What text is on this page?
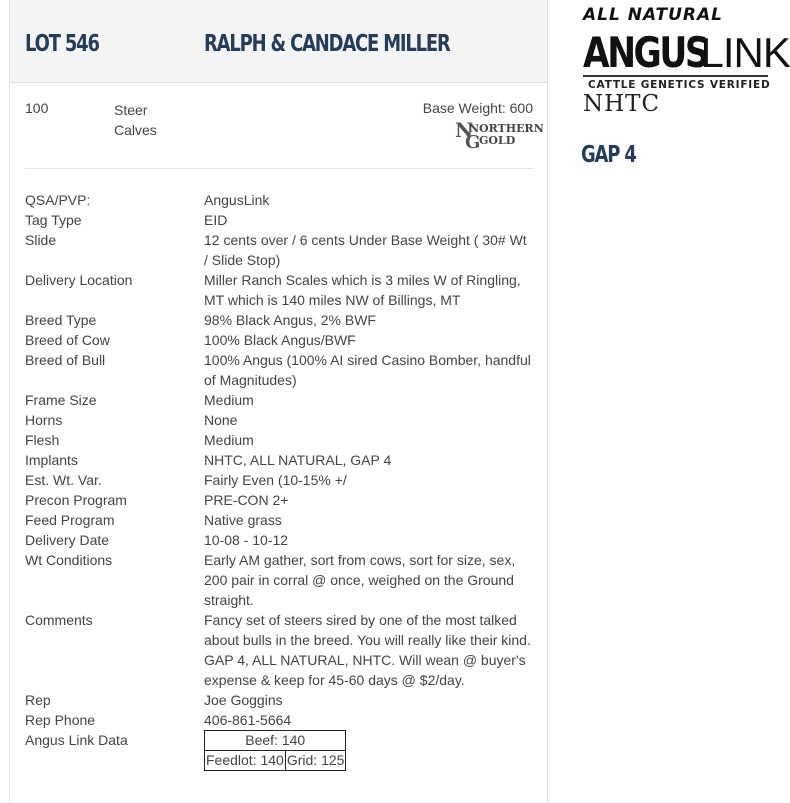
LOT 546	RALPH & CANDACE MILLER
100	Steer Calves
Base Weight: 600
N
NORTHERN
G
GOLD
QSA/PVP:	AngusLink
Tag Type	EID
Slide	12 cents over / 6 cents Under Base Weight ( 30# Wt / Slide Stop)
Delivery Location	Miller Ranch Scales which is 3 miles W of Ringling, MT which is 140 miles NW of Billings, MT
Breed Type	98% Black Angus, 2% BWF
Breed of Cow	100% Black Angus/BWF
Breed of Bull	100% Angus (100% AI sired Casino Bomber, handful of Magnitudes)
Frame Size	Medium
Horns	None
Flesh	Medium
Implants	NHTC, ALL NATURAL, GAP 4
Est. Wt. Var.	Fairly Even (10-15% +/
Precon Program	PRE-CON 2+
Feed Program	Native grass
Delivery Date	10-08 - 10-12
Wt Conditions	Early AM gather, sort from cows, sort for size, sex, 200 pair in corral @ once, weighed on the Ground straight.
Comments	Fancy set of steers sired by one of the most talked about bulls in the breed. You will really like their kind. GAP 4, ALL NATURAL, NHTC. Will wean @ buyer's expense & keep for 45-60 days @ $2/day.
Rep	Joe Goggins
Rep Phone	406-861-5664
Angus Link Data	Beef: 140
Feedlot: 140	Grid: 125
ALL NATURAL
ANGUSLINK
CATTLE GENETICS VERIFIED
NHTC
GAP 4
